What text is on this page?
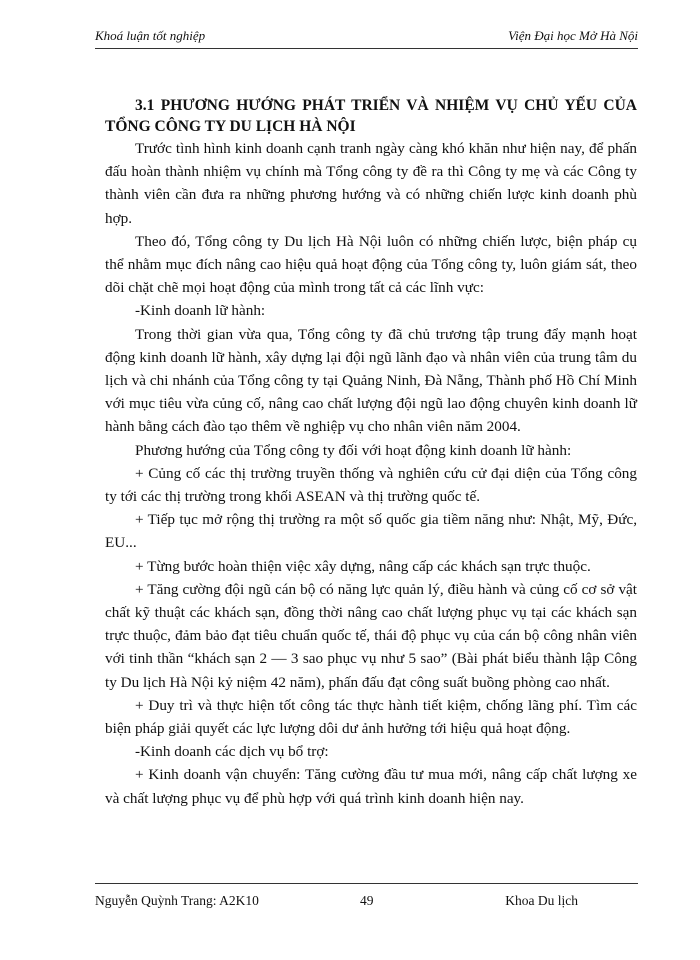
Khoá luận tốt nghiệp	Viện Đại học Mở Hà Nội

3.1 PHƯƠNG HƯỚNG PHÁT TRIỂN VÀ NHIỆM VỤ CHỦ YẾU CỦA TỔNG CÔNG TY DU LỊCH HÀ NỘI

Trước tình hình kinh doanh cạnh tranh ngày càng khó khăn như hiện nay, để phấn đấu hoàn thành nhiệm vụ chính mà Tổng công ty đề ra thì Công ty mẹ và các Công ty thành viên cần đưa ra những phương hướng và có những chiến lược kinh doanh phù hợp.

Theo đó, Tổng công ty Du lịch Hà Nội luôn có những chiến lược, biện pháp cụ thể nhằm mục đích nâng cao hiệu quả hoạt động của Tổng công ty, luôn giám sát, theo dõi chặt chẽ mọi hoạt động của mình trong tất cả các lĩnh vực:

-Kinh doanh lữ hành:

Trong thời gian vừa qua, Tổng công ty đã chủ trương tập trung đẩy mạnh hoạt động kinh doanh lữ hành, xây dựng lại đội ngũ lãnh đạo và nhân viên của trung tâm du lịch và chi nhánh của Tổng công ty tại Quảng Ninh, Đà Nẵng, Thành phố Hồ Chí Minh với mục tiêu vừa củng cố, nâng cao chất lượng đội ngũ lao động chuyên kinh doanh lữ hành bằng cách đào tạo thêm về nghiệp vụ cho nhân viên năm 2004.

Phương hướng của Tổng công ty đối với hoạt động kinh doanh lữ hành:

+ Củng cố các thị trường truyền thống và nghiên cứu cử đại diện của Tổng công ty tới các thị trường trong khối ASEAN và thị trường quốc tế.

+ Tiếp tục mở rộng thị trường ra một số quốc gia tiềm năng như: Nhật, Mỹ, Đức, EU...

+ Từng bước hoàn thiện việc xây dựng, nâng cấp các khách sạn trực thuộc.

+ Tăng cường đội ngũ cán bộ có năng lực quản lý, điều hành và củng cố cơ sở vật chất kỹ thuật các khách sạn, đồng thời nâng cao chất lượng phục vụ tại các khách sạn trực thuộc, đảm bảo đạt tiêu chuẩn quốc tế, thái độ phục vụ của cán bộ công nhân viên với tinh thần “khách sạn 2 — 3 sao phục vụ như 5 sao” (Bài phát biểu thành lập Công ty Du lịch Hà Nội kỷ niệm 42 năm), phấn đấu đạt công suất buồng phòng cao nhất.

+ Duy trì và thực hiện tốt công tác thực hành tiết kiệm, chống lãng phí. Tìm các biện pháp giải quyết các lực lượng dôi dư ảnh hưởng tới hiệu quả hoạt động.

-Kinh doanh các dịch vụ bổ trợ:

+ Kinh doanh vận chuyển: Tăng cường đầu tư mua mới, nâng cấp chất lượng xe và chất lượng phục vụ để phù hợp với quá trình kinh doanh hiện nay.

Nguyễn Quỳnh Trang: A2K10	49	Khoa Du lịch
